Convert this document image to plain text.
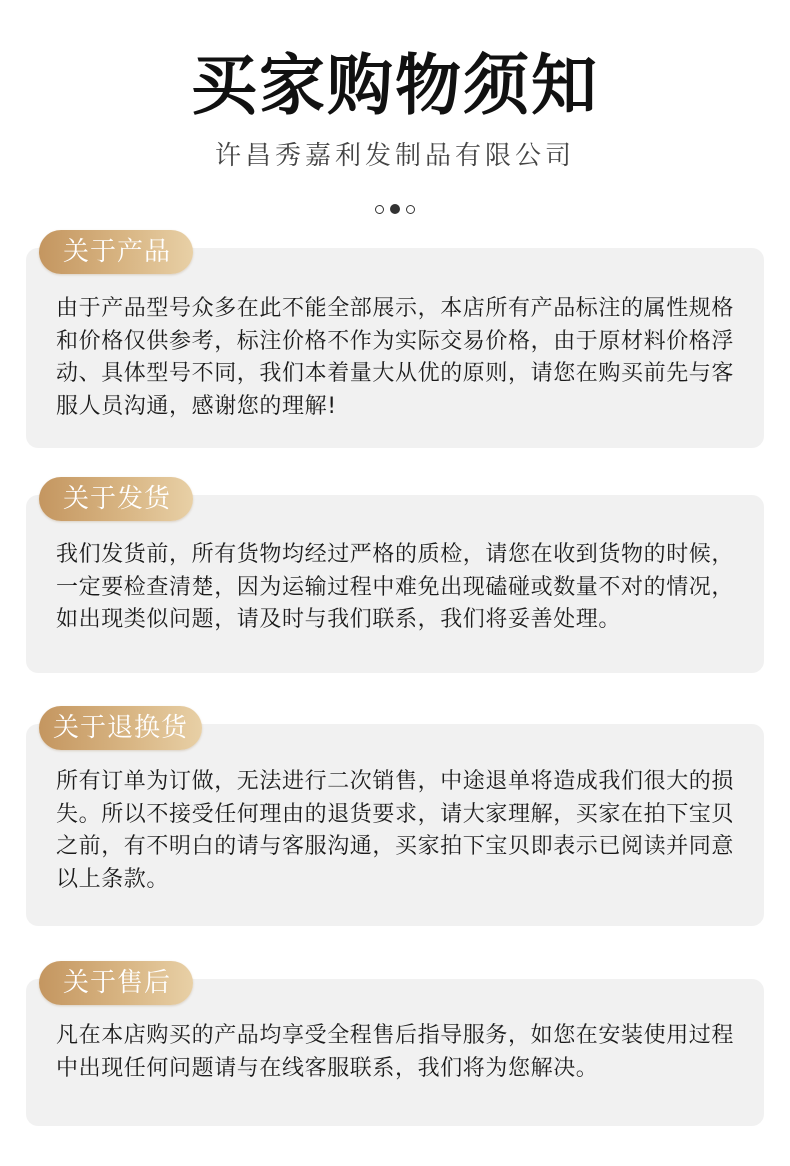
买家购物须知
许昌秀嘉利发制品有限公司
由于产品型号众多在此不能全部展示，本店所有产品标注的属性规格和价格仅供参考，标注价格不作为实际交易价格，由于原材料价格浮动、具体型号不同，我们本着量大从优的原则，请您在购买前先与客服人员沟通，感谢您的理解!
关于产品
我们发货前，所有货物均经过严格的质检，请您在收到货物的时候，一定要检查清楚，因为运输过程中难免出现磕碰或数量不对的情况，如出现类似问题，请及时与我们联系，我们将妥善处理。
关于发货
所有订单为订做，无法进行二次销售，中途退单将造成我们很大的损失。所以不接受任何理由的退货要求，请大家理解，买家在拍下宝贝之前，有不明白的请与客服沟通，买家拍下宝贝即表示已阅读并同意以上条款。
关于退换货
凡在本店购买的产品均享受全程售后指导服务，如您在安装使用过程中出现任何问题请与在线客服联系，我们将为您解决。
关于售后
